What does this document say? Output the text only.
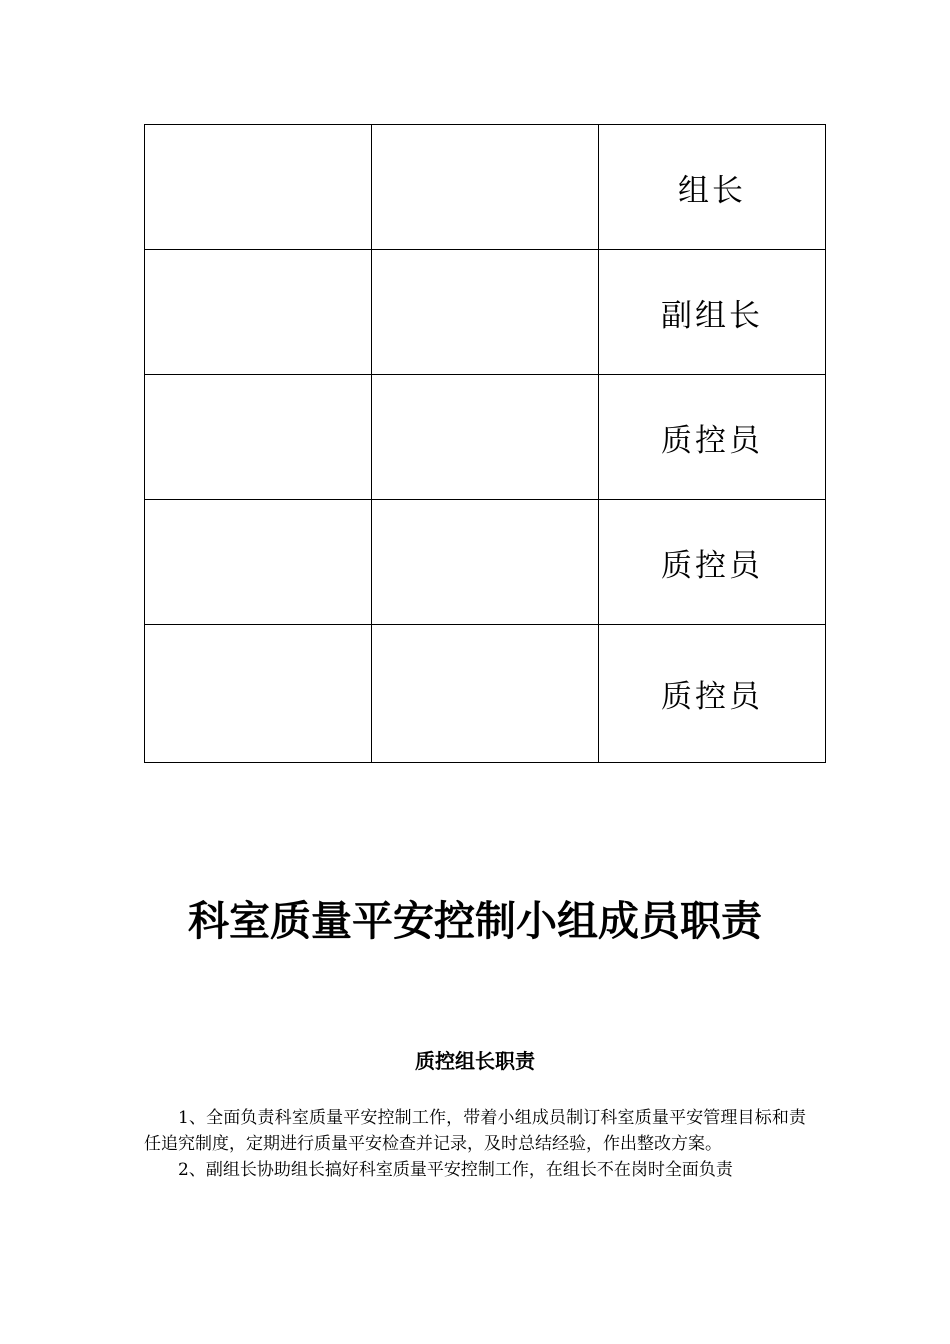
		组长
		副组长
		质控员
		质控员
		质控员
科室质量平安控制小组成员职责
质控组长职责

1、全面负责科室质量平安控制工作，带着小组成员制订科室质量平安管理目标和责任追究制度，定期进行质量平安检查并记录，及时总结经验，作出整改方案。

2、副组长协助组长搞好科室质量平安控制工作，在组长不在岗时全面负责
